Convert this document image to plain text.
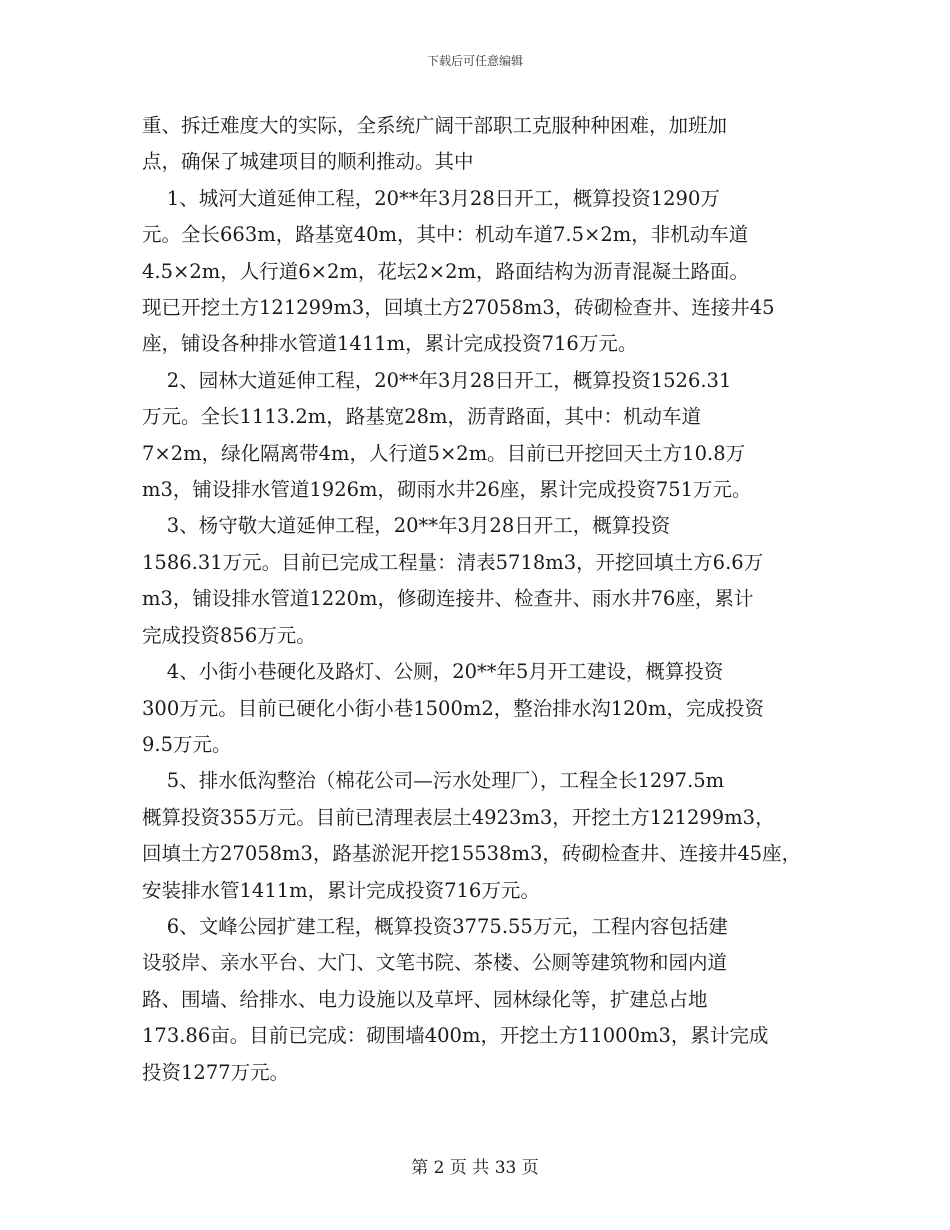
下载后可任意编辑

重、拆迁难度大的实际，全系统广阔干部职工克服种种困难，加班加

点，确保了城建项目的顺利推动。其中

1、城河大道延伸工程，20**年3月28日开工，概算投资1290万

元。全长663m，路基宽40m，其中：机动车道7.5×2m，非机动车道

4.5×2m，人行道6×2m，花坛2×2m，路面结构为沥青混凝土路面。

现已开挖土方121299m3，回填土方27058m3，砖砌检查井、连接井45

座，铺设各种排水管道1411m，累计完成投资716万元。

2、园林大道延伸工程，20**年3月28日开工，概算投资1526.31

万元。全长1113.2m，路基宽28m，沥青路面，其中：机动车道

7×2m，绿化隔离带4m，人行道5×2m。目前已开挖回天土方10.8万

m3，铺设排水管道1926m，砌雨水井26座，累计完成投资751万元。

3、杨守敬大道延伸工程，20**年3月28日开工，概算投资

1586.31万元。目前已完成工程量：清表5718m3，开挖回填土方6.6万

m3，铺设排水管道1220m，修砌连接井、检查井、雨水井76座，累计

完成投资856万元。

4、小街小巷硬化及路灯、公厕，20**年5月开工建设，概算投资

300万元。目前已硬化小街小巷1500m2，整治排水沟120m，完成投资

9.5万元。

5、排水低沟整治（棉花公司—污水处理厂），工程全长1297.5m

概算投资355万元。目前已清理表层土4923m3，开挖土方121299m3，

回填土方27058m3，路基淤泥开挖15538m3，砖砌检查井、连接井45座，

安装排水管1411m，累计完成投资716万元。

6、文峰公园扩建工程，概算投资3775.55万元，工程内容包括建

设驳岸、亲水平台、大门、文笔书院、茶楼、公厕等建筑物和园内道

路、围墙、给排水、电力设施以及草坪、园林绿化等，扩建总占地

173.86亩。目前已完成：砌围墙400m，开挖土方11000m3，累计完成

投资1277万元。

第 2 页 共 33 页
